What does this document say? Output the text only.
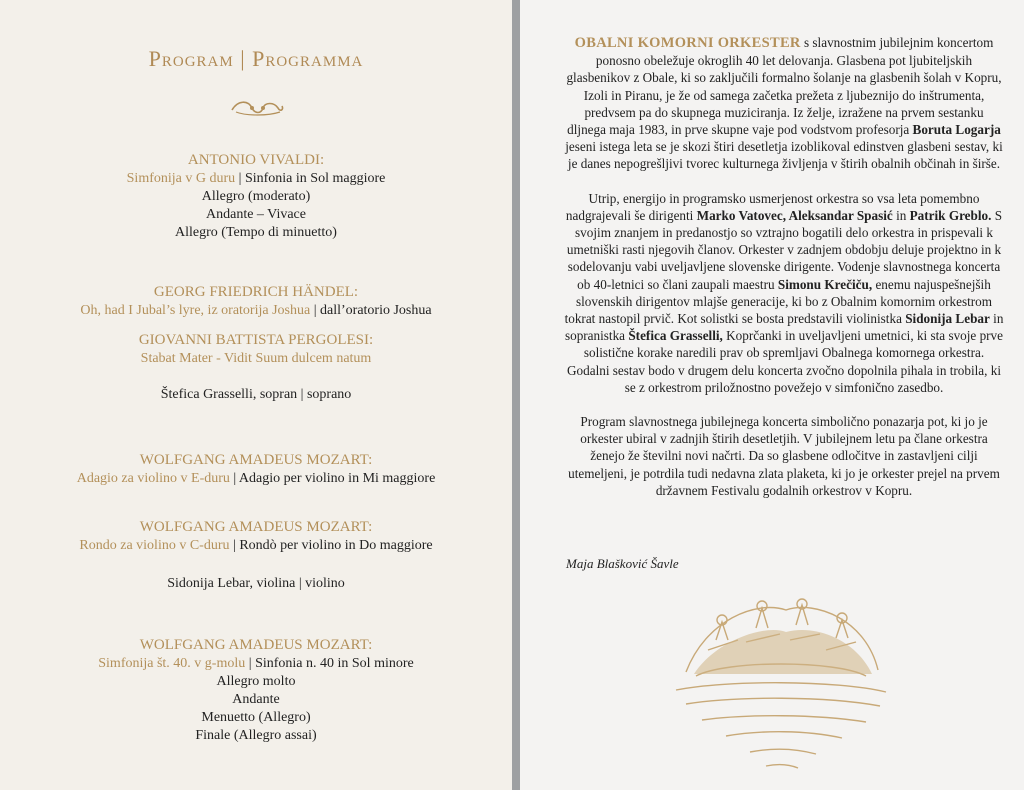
Program | Programma
ANTONIO VIVALDI:
Simfonija v G duru | Sinfonia in Sol maggiore
Allegro (moderato)
Andante – Vivace
Allegro (Tempo di minuetto)
GEORG FRIEDRICH HÄNDEL:
Oh, had I Jubal’s lyre, iz oratorija Joshua | dall’oratorio Joshua
GIOVANNI BATTISTA PERGOLESI:
Stabat Mater - Vidit Suum dulcem natum
Štefica Grasselli, sopran | soprano
WOLFGANG AMADEUS MOZART:
Adagio za violino v E-duru | Adagio per violino in Mi maggiore
WOLFGANG AMADEUS MOZART:
Rondo za violino v C-duru | Rondò per violino in Do maggiore
Sidonija Lebar, violina | violino
WOLFGANG AMADEUS MOZART:
Simfonija št. 40. v g-molu | Sinfonia n. 40 in Sol minore
Allegro molto
Andante
Menuetto (Allegro)
Finale (Allegro assai)

OBALNI KOMORNI ORKESTER s slavnostnim jubilejnim koncertom ponosno obeležuje okroglih 40 let delovanja. Glasbena pot ljubiteljskih glasbenikov z Obale, ki so zaključili formalno šolanje na glasbenih šolah v Kopru, Izoli in Piranu, je že od samega začetka prežeta z ljubeznijo do inštrumenta, predvsem pa do skupnega muziciranja. Iz želje, izražene na prvem sestanku dljnega maja 1983, in prve skupne vaje pod vodstvom profesorja Boruta Logarja jeseni istega leta se je skozi štiri desetletja izoblikoval edinstven glasbeni sestav, ki je danes nepogrešljivi tvorec kulturnega življenja v štirih obalnih občinah in širše.

Utrip, energijo in programsko usmerjenost orkestra so vsa leta pomembno nadgrajevali še dirigenti Marko Vatovec, Aleksandar Spasić in Patrik Greblo. S svojim znanjem in predanostjo so vztrajno bogatili delo orkestra in prispevali k umetniški rasti njegovih članov. Orkester v zadnjem obdobju deluje projektno in k sodelovanju vabi uveljavljene slovenske dirigente. Vodenje slavnostnega koncerta ob 40-letnici so člani zaupali maestru Simonu Krečiču, enemu najuspešnejših slovenskih dirigentov mlajše generacije, ki bo z Obalnim komornim orkestrom tokrat nastopil prvič. Kot solistki se bosta predstavili violinistka Sidonija Lebar in sopranistka Štefica Grasselli, Koprčanki in uveljavljeni umetnici, ki sta svoje prve solistične korake naredili prav ob spremljavi Obalnega komornega orkestra. Godalni sestav bodo v drugem delu koncerta zvočno dopolnila pihala in trobila, ki se z orkestrom priložnostno povežejo v simfonično zasedbo.

Program slavnostnega jubilejnega koncerta simbolično ponazarja pot, ki jo je orkester ubiral v zadnjih štirih desetletjih. V jubilejnem letu pa člane orkestra ženejo že številni novi načrti. Da so glasbene odločitve in zastavljeni cilji utemeljeni, je potrdila tudi nedavna zlata plaketa, ki jo je orkester prejel na prvem državnem Festivalu godalnih orkestrov v Kopru.

Maja Blašković Šavle
